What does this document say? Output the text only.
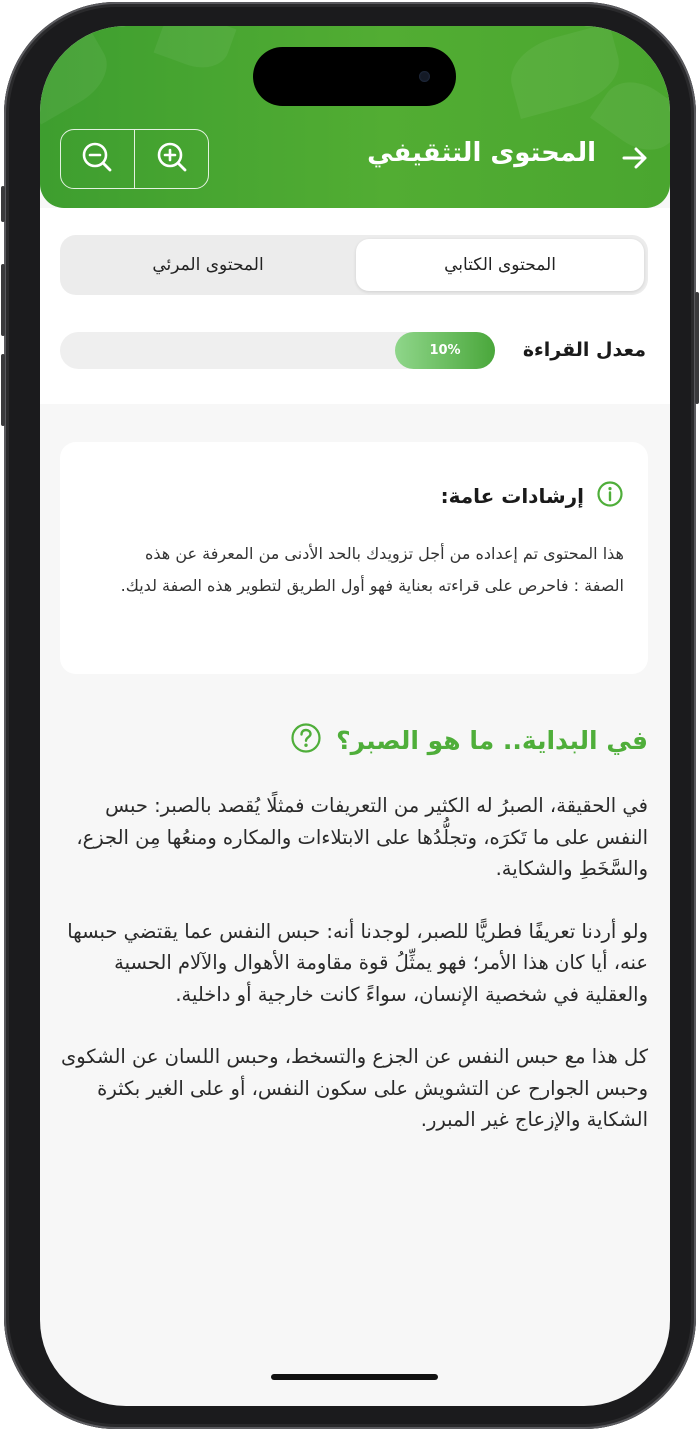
المحتوى التثقيفي
المحتوى الكتابي
المحتوى المرئي
معدل القراءة
10%
إرشادات عامة:
هذا المحتوى تم إعداده من أجل تزويدك بالحد الأدنى من المعرفة عن هذه الصفة : فاحرص على قراءته بعناية فهو أول الطريق لتطوير هذه الصفة لديك.
في البداية.. ما هو الصبر؟

في الحقيقة، الصبرُ له الكثير من التعريفات فمثلًا يُقصد بالصبر: حبس النفس على ما تَكرَه، وتجلُّدُها على الابتلاءات والمكاره ومنعُها مِن الجزع، والسَّخَطِ والشكاية.

ولو أردنا تعريفًا فطريًّا للصبر، لوجدنا أنه: حبس النفس عما يقتضي حبسها عنه، أيا كان هذا الأمر؛ فهو يمثِّلُ قوة مقاومة الأهوال والآلام الحسية والعقلية في شخصية الإنسان، سواءً كانت خارجية أو داخلية.

كل هذا مع حبس النفس عن الجزع والتسخط، وحبس اللسان عن الشكوى وحبس الجوارح عن التشويش على سكون النفس، أو على الغير بكثرة الشكاية والإزعاج غير المبرر.
